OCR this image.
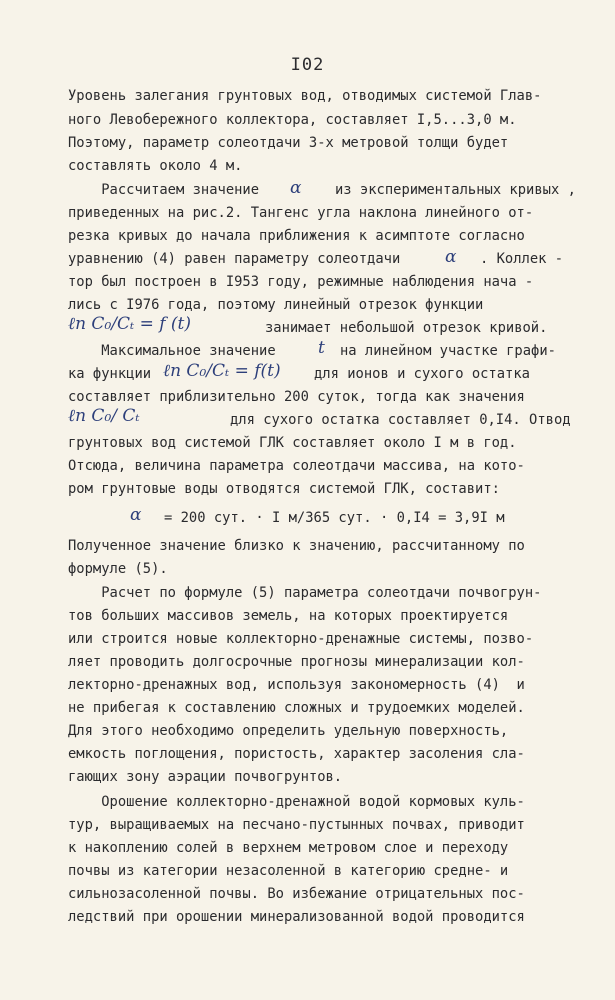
I02
Уровень залегания грунтовых вод, отводимых системой Глав-
ного Левобережного коллектора, составляет I,5...3,0 м.
Поэтому, параметр солеотдачи 3-х метровой толщи будет
составлять около 4 м.
Рассчитаем значение α из экспериментальных кривых ,
приведенных на рис.2. Тангенс угла наклона линейного от-
резка кривых до начала приближения к асимптоте согласно
уравнению (4) равен параметру солеотдачи	α . Коллек -
тор был построен в I953 году, режимные наблюдения нача -
лись с I976 года, поэтому линейный отрезок функции
ℓn C₀/Cₜ = f (t)	занимает небольшой отрезок кривой.
Максимальное значение t на линейном участке графи-
ка функции ℓn C₀/Cₜ = f(t) для ионов и сухого остатка
составляет приблизительно 200 суток, тогда как значения
ℓn C₀/ Cₜ	для сухого остатка составляет 0,I4. Отвод
грунтовых вод системой ГЛК составляет около I м в год.
Отсюда, величина параметра солеотдачи массива, на кото-
ром грунтовые воды отводятся системой ГЛК, составит:
α = 200 сут. · I м/365 сут. · 0,I4 = 3,9I м
Полученное значение близко к значению, рассчитанному по
формуле (5).
Расчет по формуле (5) параметра солеотдачи почвогрун-
тов больших массивов земель, на которых проектируется
или строится новые коллекторно-дренажные системы, позво-
ляет проводить долгосрочные прогнозы минерализации кол-
лекторно-дренажных вод, используя закономерность (4)  и
не прибегая к составлению сложных и трудоемких моделей.
Для этого необходимо определить удельную поверхность,
емкость поглощения, пористость, характер засоления сла-
гающих зону аэрации почвогрунтов.
Орошение коллекторно-дренажной водой кормовых куль-
тур, выращиваемых на песчано-пустынных почвах, приводит
к накоплению солей в верхнем метровом слое и переходу
почвы из категории незасоленной в категорию средне- и
сильнозасоленной почвы. Во избежание отрицательных пос-
ледствий при орошении минерализованной водой проводится
